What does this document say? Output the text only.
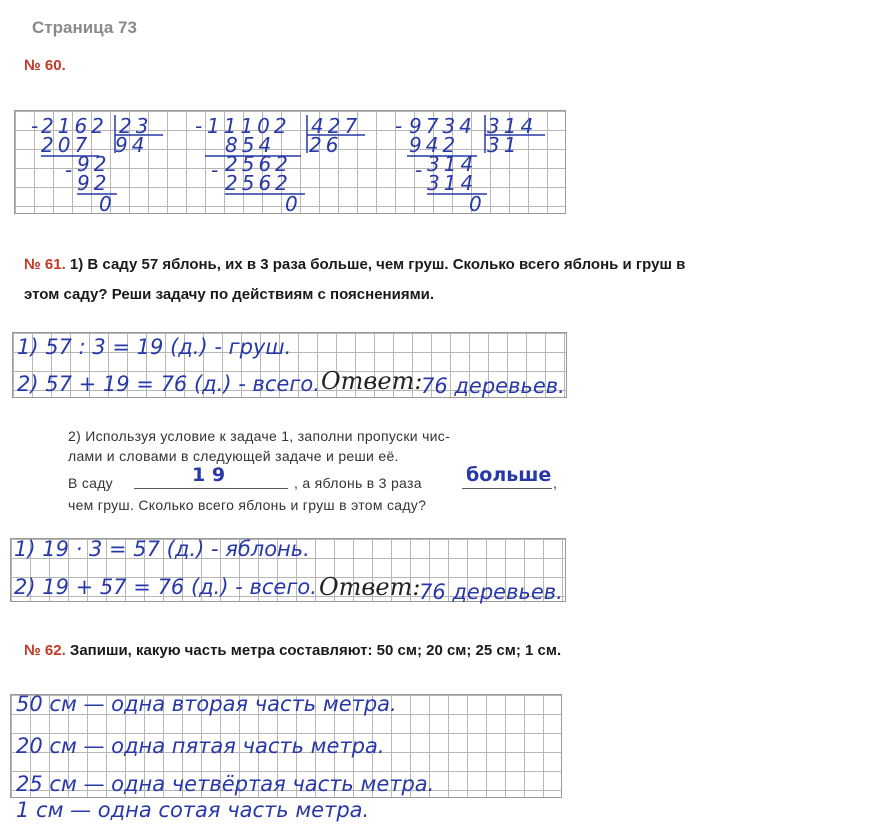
Страница 73
№ 60.
- 2162 23
94
207
- 92
92
0
- 11102 427
26
854
- 2562
2562
0
- 9734 314
31
942
- 314
314
0
№ 61. 1) В саду 57 яблонь, их в 3 раза больше, чем груш. Сколько всего яблонь и груш в
этом саду? Реши задачу по действиям с пояснениями.
1) 57 : 3 = 19 (д.) - груш.
2) 57 + 19 = 76 (д.) - всего. Ответ:
76 деревьев.
2) Используя условие к задаче 1, заполни пропуски чис-
лами и словами в следующей задаче и реши её.
В саду	1 9	, а яблонь в 3 раза больше ,
чем груш. Сколько всего яблонь и груш в этом саду?
1) 19 · 3 = 57 (д.) - яблонь.
2) 19 + 57 = 76 (д.) - всего. Ответ:
76 деревьев.
№ 62. Запиши, какую часть метра составляют: 50 см; 20 см; 25 см; 1 см.
50 см — одна вторая часть метра.
20 см — одна пятая часть метра.
25 см — одна четвёртая часть метра.
1 см — одна сотая часть метра.
